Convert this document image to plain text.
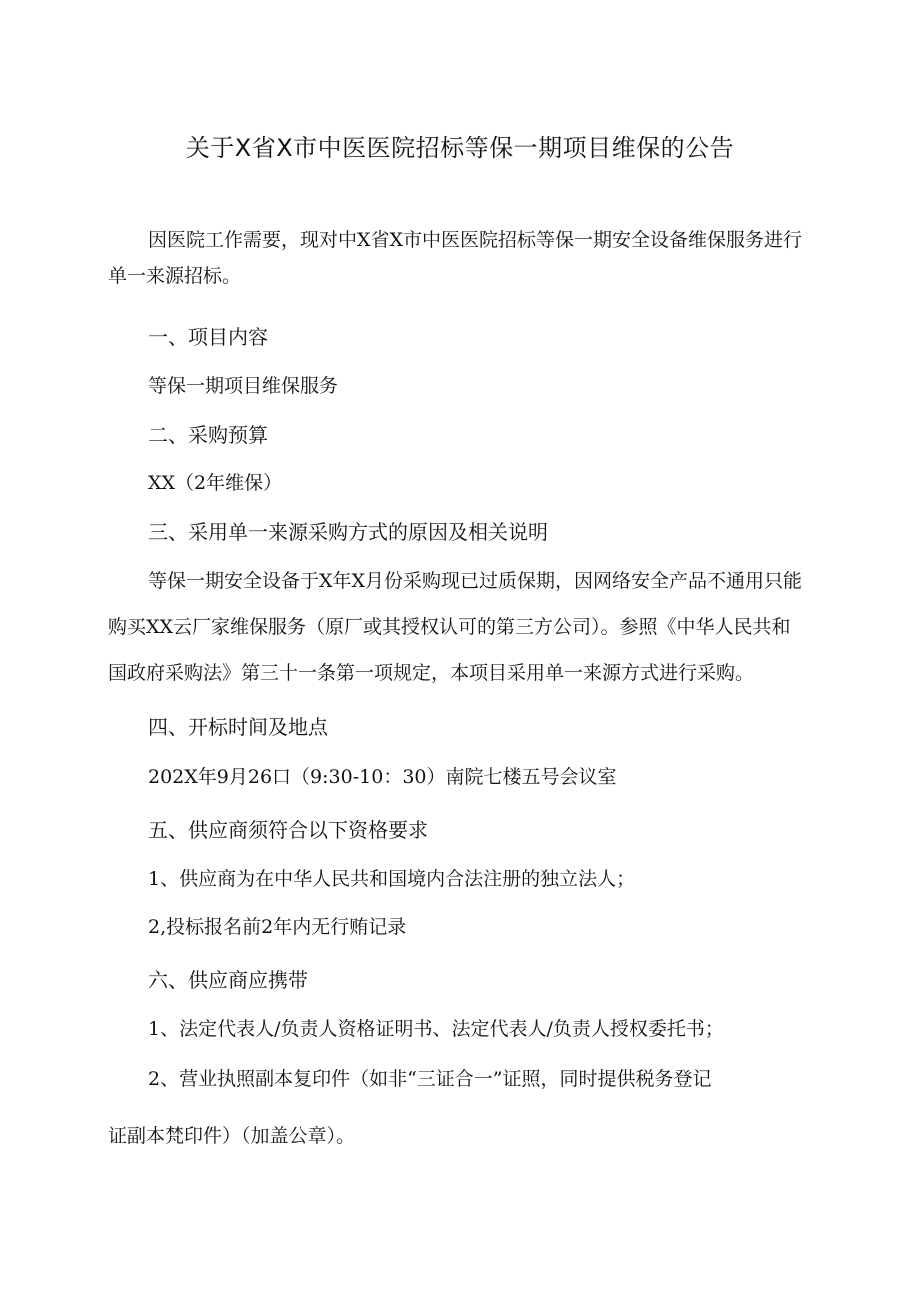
关于X省X市中医医院招标等保一期项目维保的公告
因医院工作需要，现对中X省X市中医医院招标等保一期安全设备维保服务进行
单一来源招标。

一、项目内容

等保一期项目维保服务

二、采购预算

XX（2年维保）

三、采用单一来源采购方式的原因及相关说明

等保一期安全设备于X年X月份采购现已过质保期，因网络安全产品不通用只能
购买XX云厂家维保服务（原厂或其授权认可的第三方公司）。参照《中华人民共和
国政府采购法》第三十一条第一项规定，本项目采用单一来源方式进行采购。

四、开标时间及地点

202X年9月26口（9:30-10：30）南院七楼五号会议室

五、供应商须符合以下资格要求

1、供应商为在中华人民共和国境内合法注册的独立法人；

2,投标报名前2年内无行贿记录

六、供应商应携带

1、法定代表人/负责人资格证明书、法定代表人/负责人授权委托书；

2、营业执照副本复印件（如非“三证合一”证照，同时提供税务登记

证副本梵印件）（加盖公章）。
